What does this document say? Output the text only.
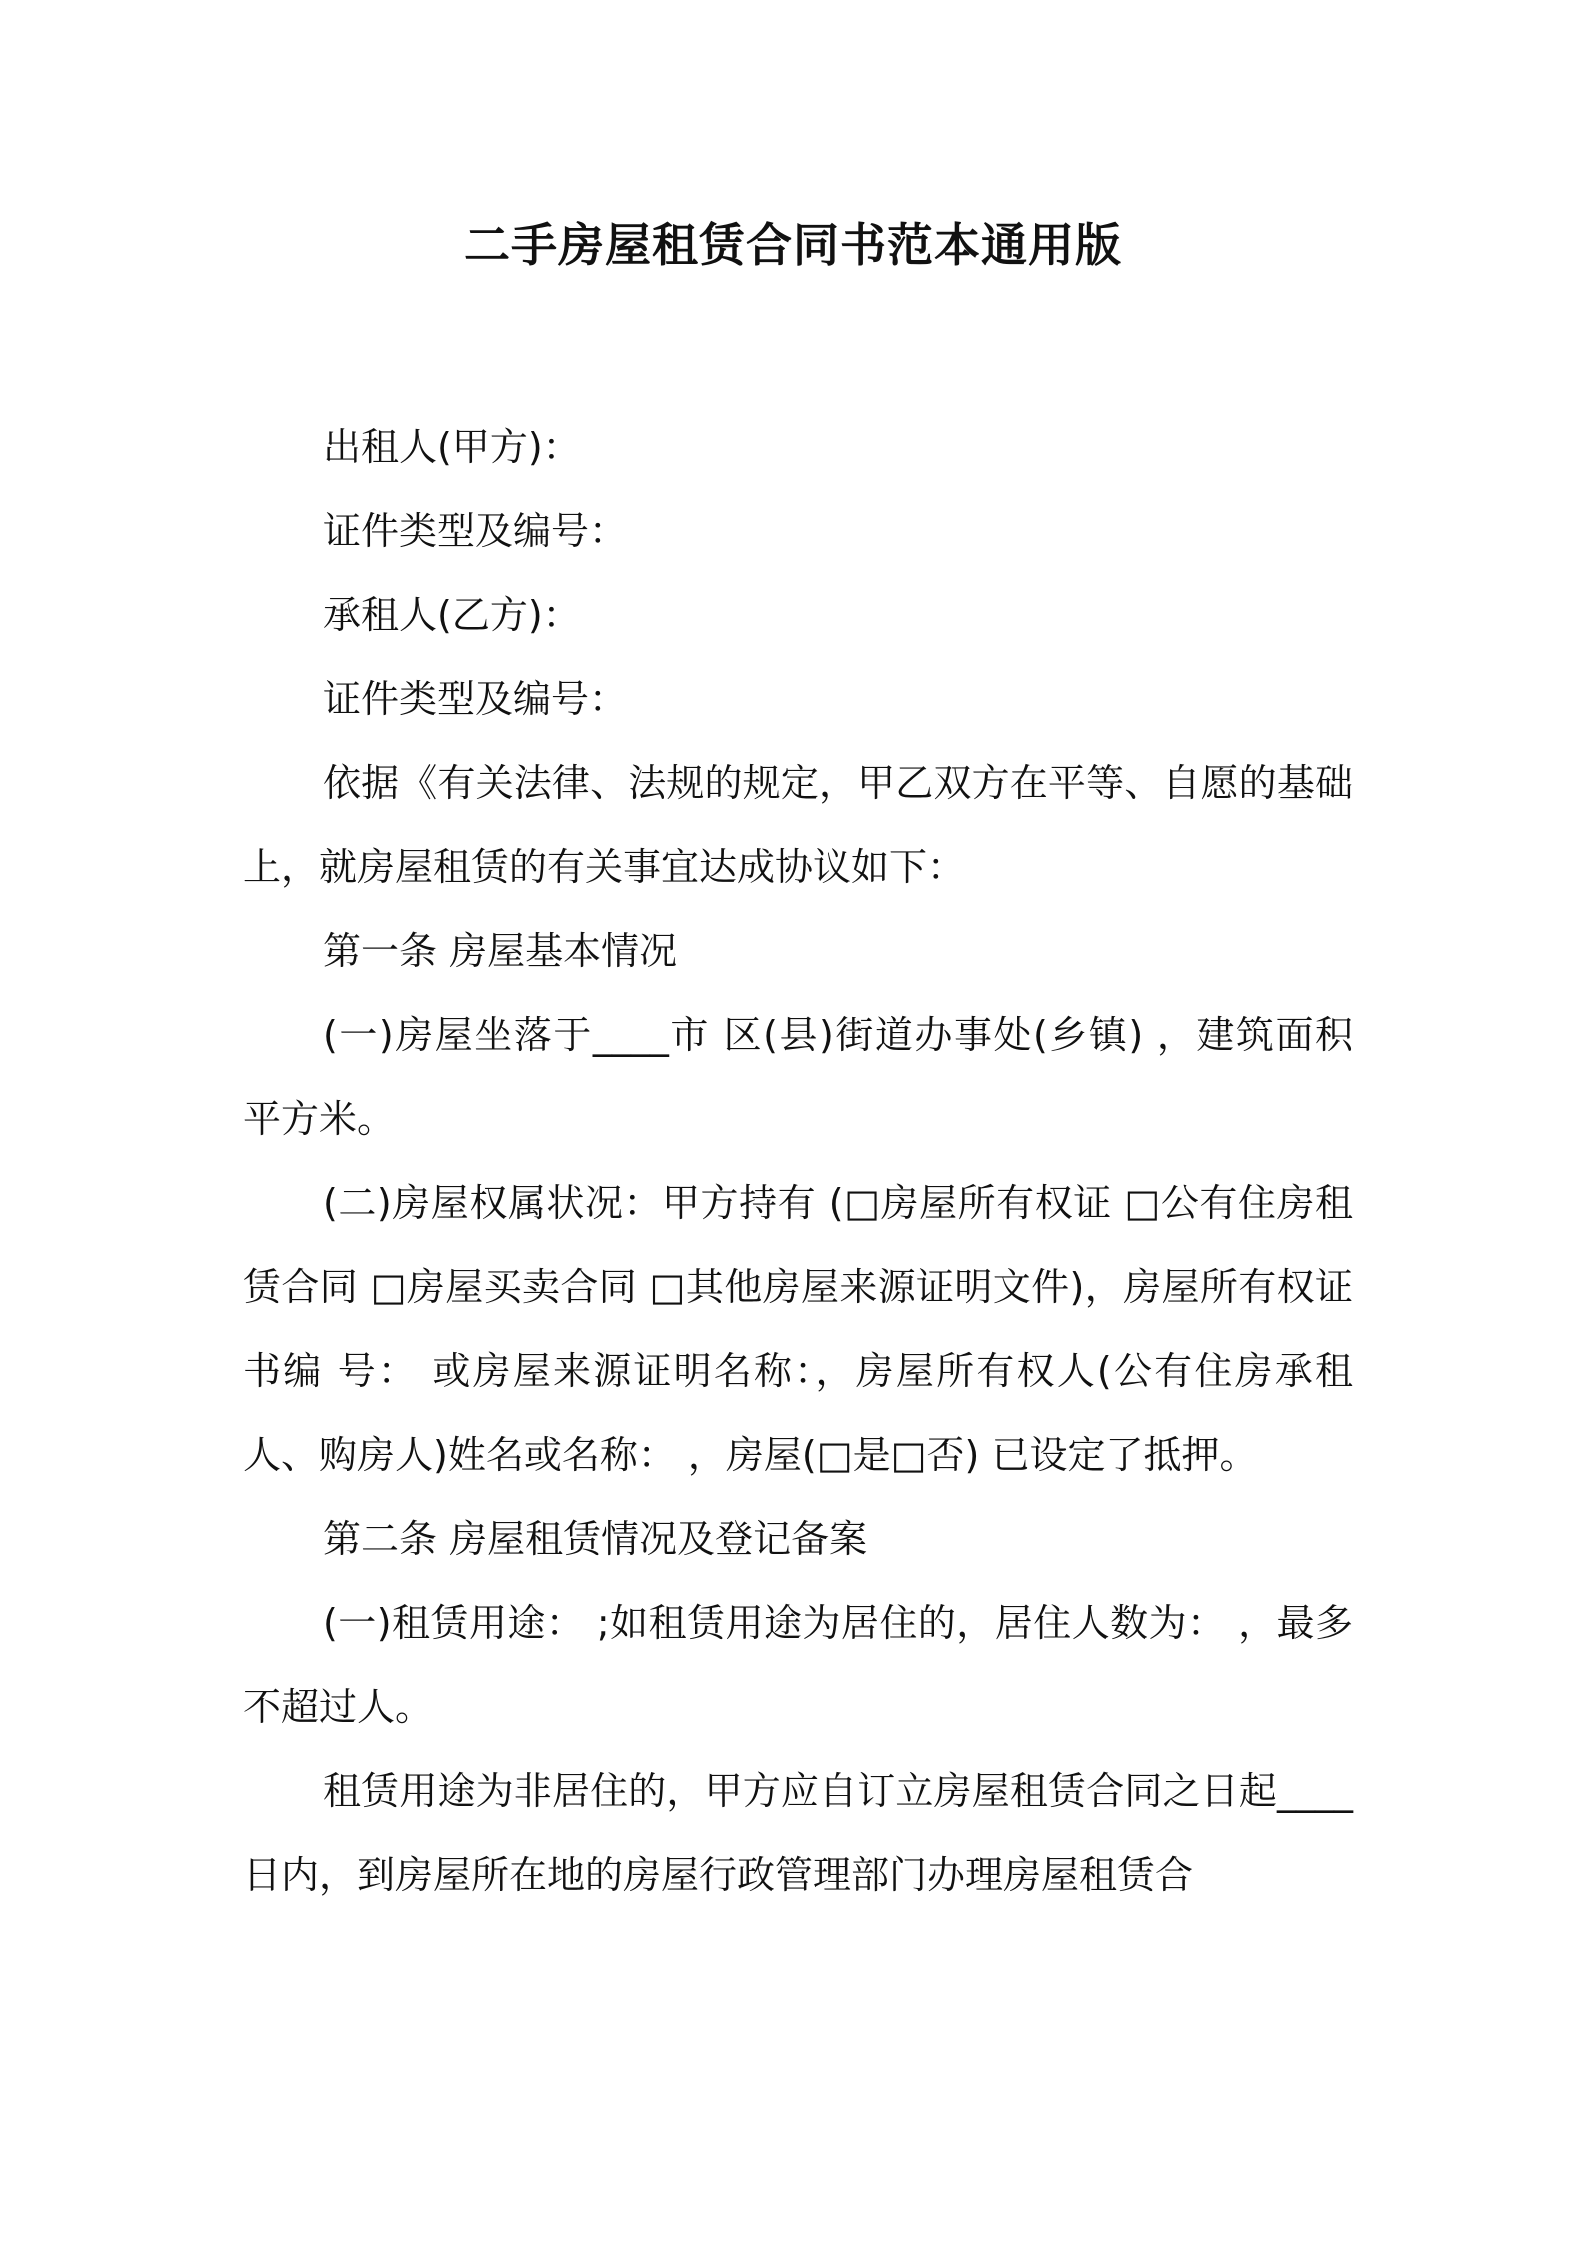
二手房屋租赁合同书范本通用版

出租人(甲方)：

证件类型及编号：

承租人(乙方)：

证件类型及编号：

依据《有关法律、法规的规定，甲乙双方在平等、自愿的基础上，就房屋租赁的有关事宜达成协议如下：

第一条 房屋基本情况

(一)房屋坐落于____市 区(县)街道办事处(乡镇) ，建筑面积 平方米。

(二)房屋权属状况：甲方持有 (□房屋所有权证 □公有住房租赁合同 □房屋买卖合同 □其他房屋来源证明文件)，房屋所有权证书编 号： 或房屋来源证明名称：，房屋所有权人(公有住房承租人、购房人)姓名或名称： ，房屋(□是□否) 已设定了抵押。

第二条 房屋租赁情况及登记备案

(一)租赁用途： ;如租赁用途为居住的，居住人数为： ，最多不超过人。

租赁用途为非居住的，甲方应自订立房屋租赁合同之日起____日内，到房屋所在地的房屋行政管理部门办理房屋租赁合
